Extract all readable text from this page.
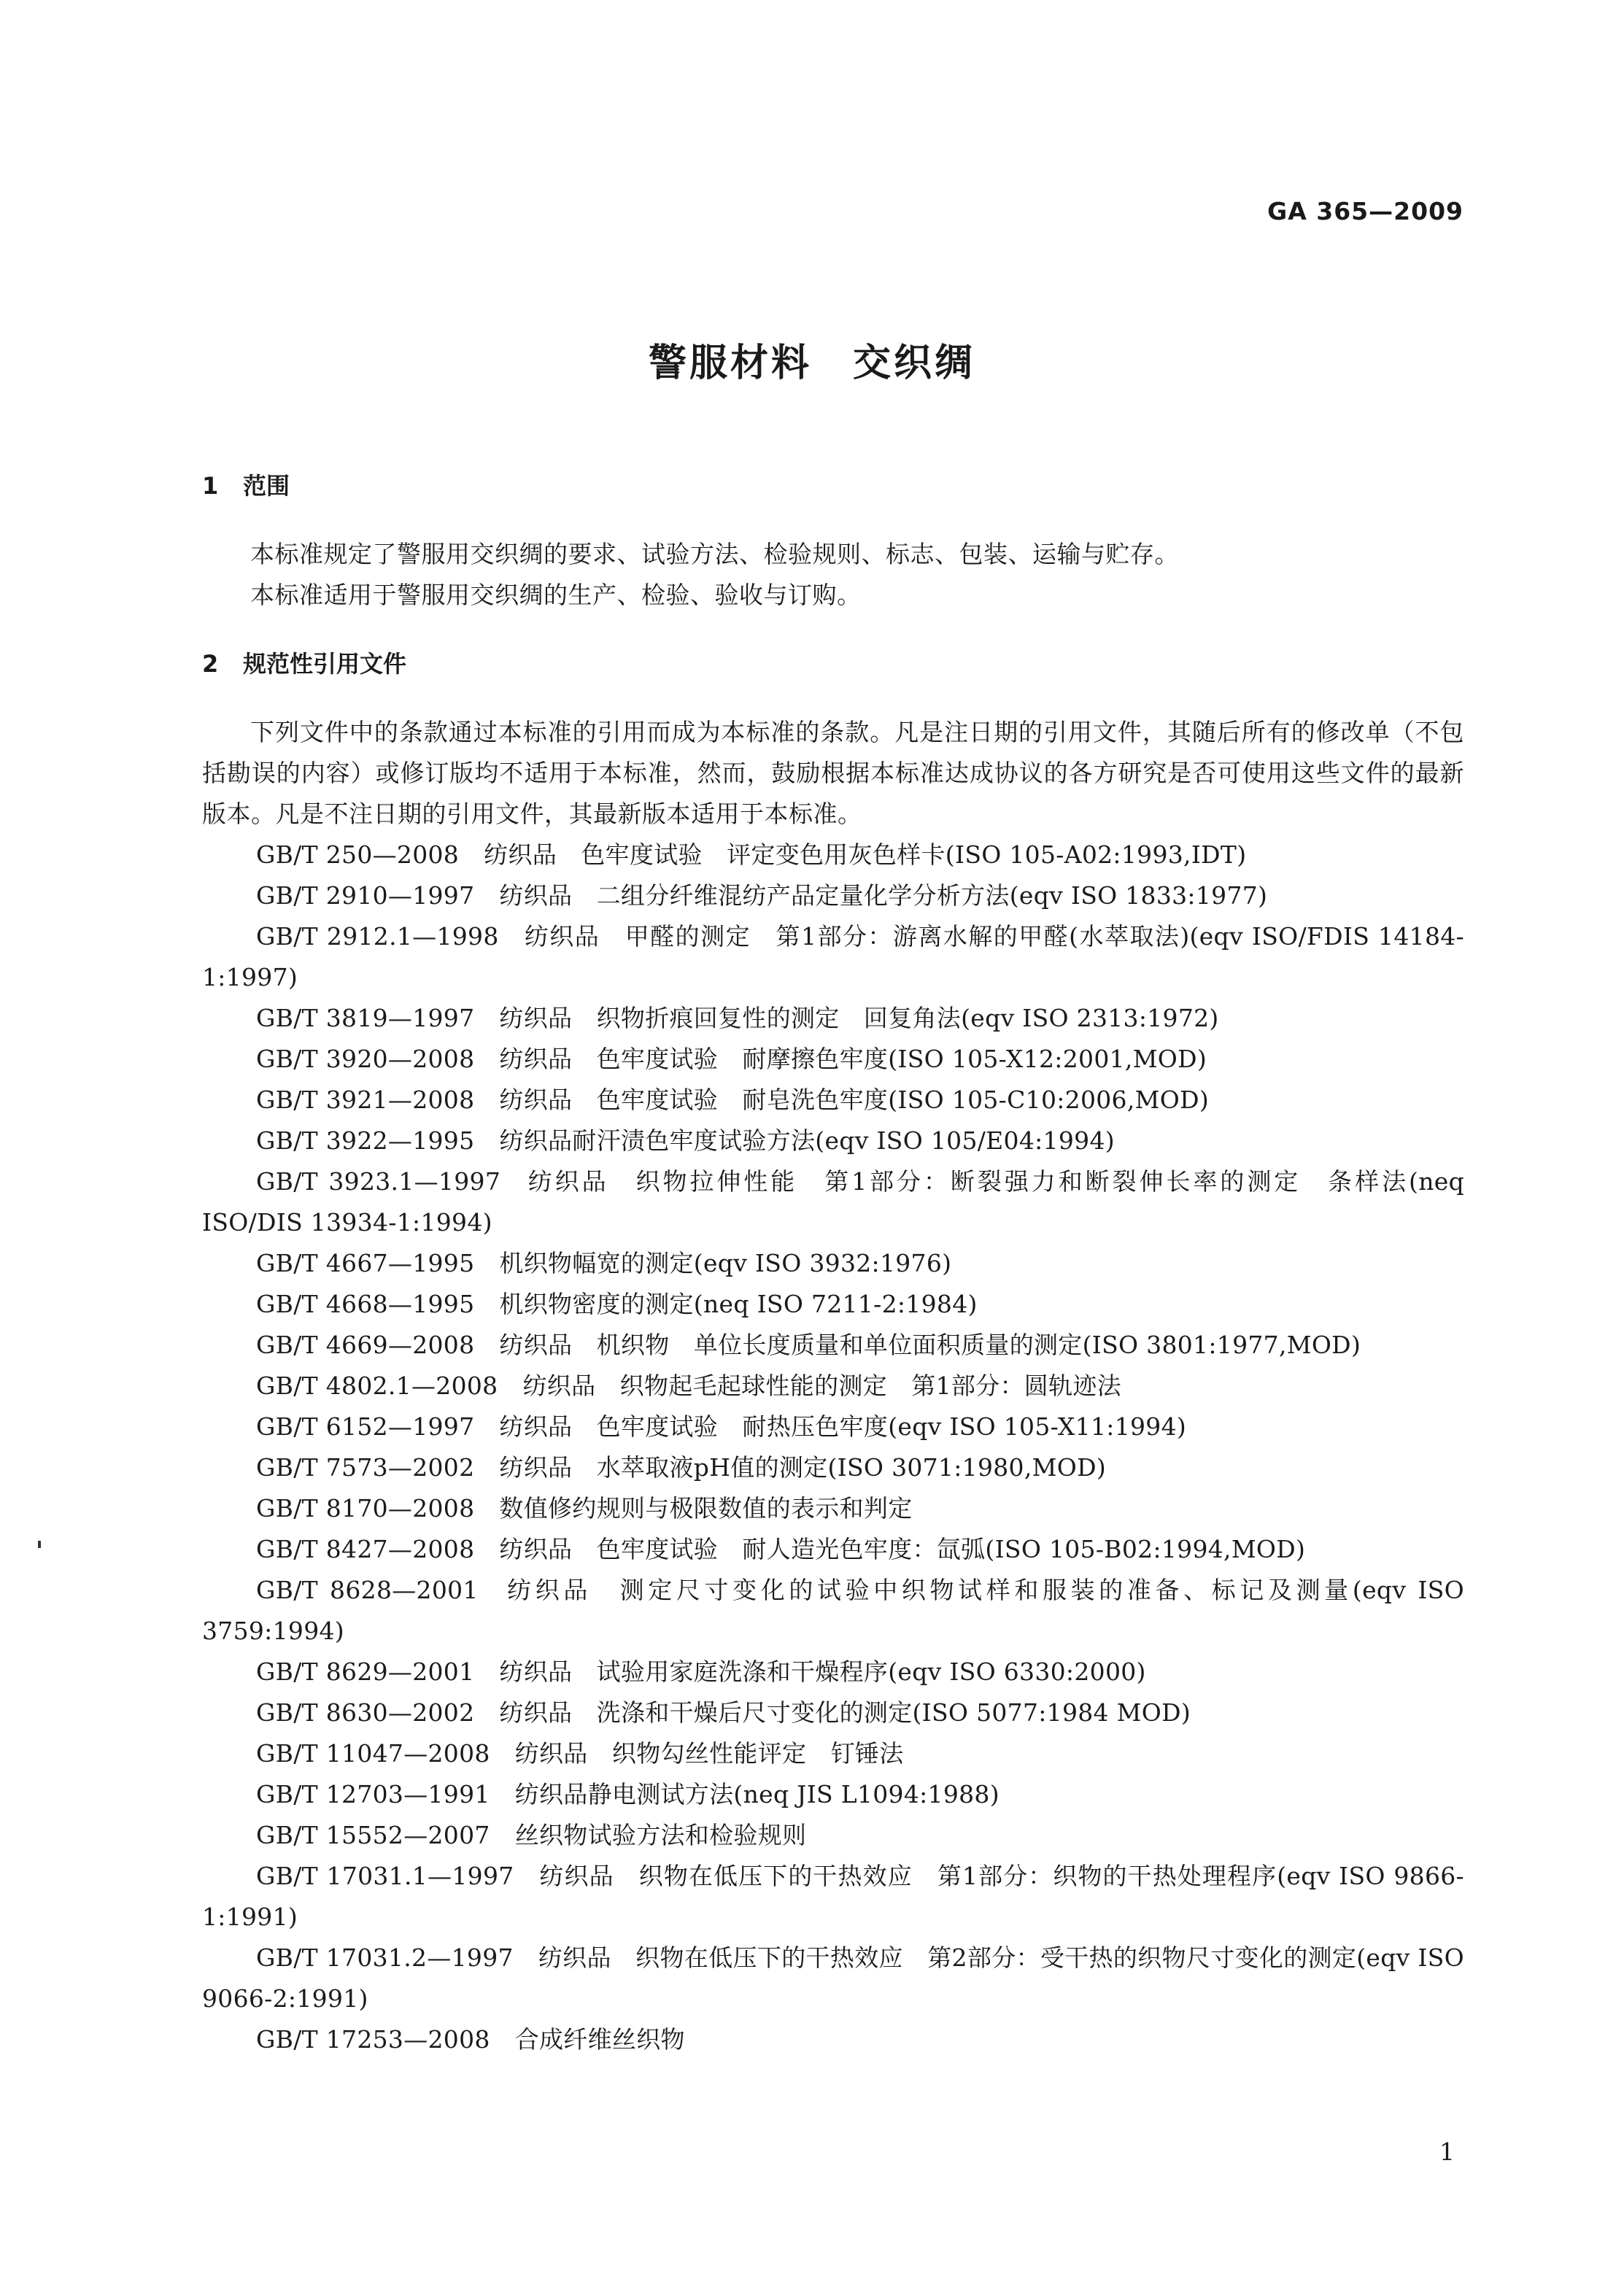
GA 365—2009
警服材料　交织绸
1 范围
本标准规定了警服用交织绸的要求、试验方法、检验规则、标志、包装、运输与贮存。
本标准适用于警服用交织绸的生产、检验、验收与订购。
2 规范性引用文件
下列文件中的条款通过本标准的引用而成为本标准的条款。凡是注日期的引用文件，其随后所有的修改单（不包括勘误的内容）或修订版均不适用于本标准，然而，鼓励根据本标准达成协议的各方研究是否可使用这些文件的最新版本。凡是不注日期的引用文件，其最新版本适用于本标准。
GB/T 250—2008 纺织品　色牢度试验　评定变色用灰色样卡(ISO 105-A02:1993,IDT)
GB/T 2910—1997 纺织品　二组分纤维混纺产品定量化学分析方法(eqv ISO 1833:1977)
GB/T 2912.1—1998 纺织品　甲醛的测定　第1部分：游离水解的甲醛(水萃取法)(eqv ISO/FDIS 14184-1:1997)
GB/T 3819—1997 纺织品　织物折痕回复性的测定　回复角法(eqv ISO 2313:1972)
GB/T 3920—2008 纺织品　色牢度试验　耐摩擦色牢度(ISO 105-X12:2001,MOD)
GB/T 3921—2008 纺织品　色牢度试验　耐皂洗色牢度(ISO 105-C10:2006,MOD)
GB/T 3922—1995 纺织品耐汗渍色牢度试验方法(eqv ISO 105/E04:1994)
GB/T 3923.1—1997 纺织品　织物拉伸性能　第1部分：断裂强力和断裂伸长率的测定　条样法(neq ISO/DIS 13934-1:1994)
GB/T 4667—1995 机织物幅宽的测定(eqv ISO 3932:1976)
GB/T 4668—1995 机织物密度的测定(neq ISO 7211-2:1984)
GB/T 4669—2008 纺织品　机织物　单位长度质量和单位面积质量的测定(ISO 3801:1977,MOD)
GB/T 4802.1—2008 纺织品　织物起毛起球性能的测定　第1部分：圆轨迹法
GB/T 6152—1997 纺织品　色牢度试验　耐热压色牢度(eqv ISO 105-X11:1994)
GB/T 7573—2002 纺织品　水萃取液pH值的测定(ISO 3071:1980,MOD)
GB/T 8170—2008 数值修约规则与极限数值的表示和判定
GB/T 8427—2008 纺织品　色牢度试验　耐人造光色牢度：氙弧(ISO 105-B02:1994,MOD)
GB/T 8628—2001 纺织品　测定尺寸变化的试验中织物试样和服装的准备、标记及测量(eqv ISO 3759:1994)
GB/T 8629—2001 纺织品　试验用家庭洗涤和干燥程序(eqv ISO 6330:2000)
GB/T 8630—2002 纺织品　洗涤和干燥后尺寸变化的测定(ISO 5077:1984 MOD)
GB/T 11047—2008 纺织品　织物勾丝性能评定　钉锤法
GB/T 12703—1991 纺织品静电测试方法(neq JIS L1094:1988)
GB/T 15552—2007 丝织物试验方法和检验规则
GB/T 17031.1—1997 纺织品　织物在低压下的干热效应　第1部分：织物的干热处理程序(eqv ISO 9866-1:1991)
GB/T 17031.2—1997 纺织品　织物在低压下的干热效应　第2部分：受干热的织物尺寸变化的测定(eqv ISO 9066-2:1991)
GB/T 17253—2008 合成纤维丝织物
1
